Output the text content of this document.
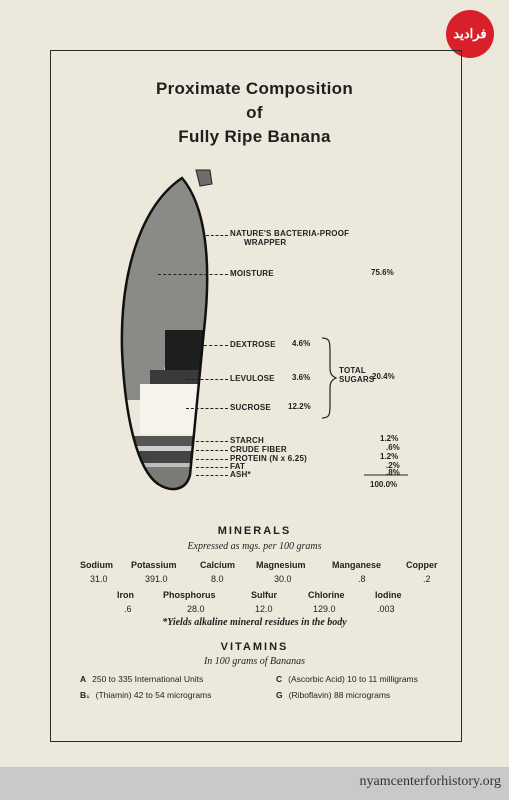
فرادید
Proximate Composition
of
Fully Ripe Banana
NATURE'S BACTERIA-PROOF
WRAPPER
MOISTURE
DEXTROSE
LEVULOSE
SUCROSE
STARCH
CRUDE FIBER
PROTEIN (N x 6.25)
FAT
ASH*
75.6%
4.6%
3.6%
12.2%
TOTAL
SUGARS
20.4%
1.2%
.6%
1.2%
.2%
.8%
100.0%
MINERALS
Expressed as mgs. per 100 grams
Sodium
31.0
Potassium
391.0
Calcium
8.0
Magnesium
30.0
Manganese
.8
Copper
.2
Iron
.6
Phosphorus
28.0
Sulfur
12.0
Chlorine
129.0
Iodine
.003
*Yields alkaline mineral residues in the body
VITAMINS
In 100 grams of Bananas
A 250 to 335 International Units
B₁ (Thiamin) 42 to 54 micrograms
C (Ascorbic Acid) 10 to 11 milligrams
G (Riboflavin) 88 micrograms
nyamcenterforhistory.org
